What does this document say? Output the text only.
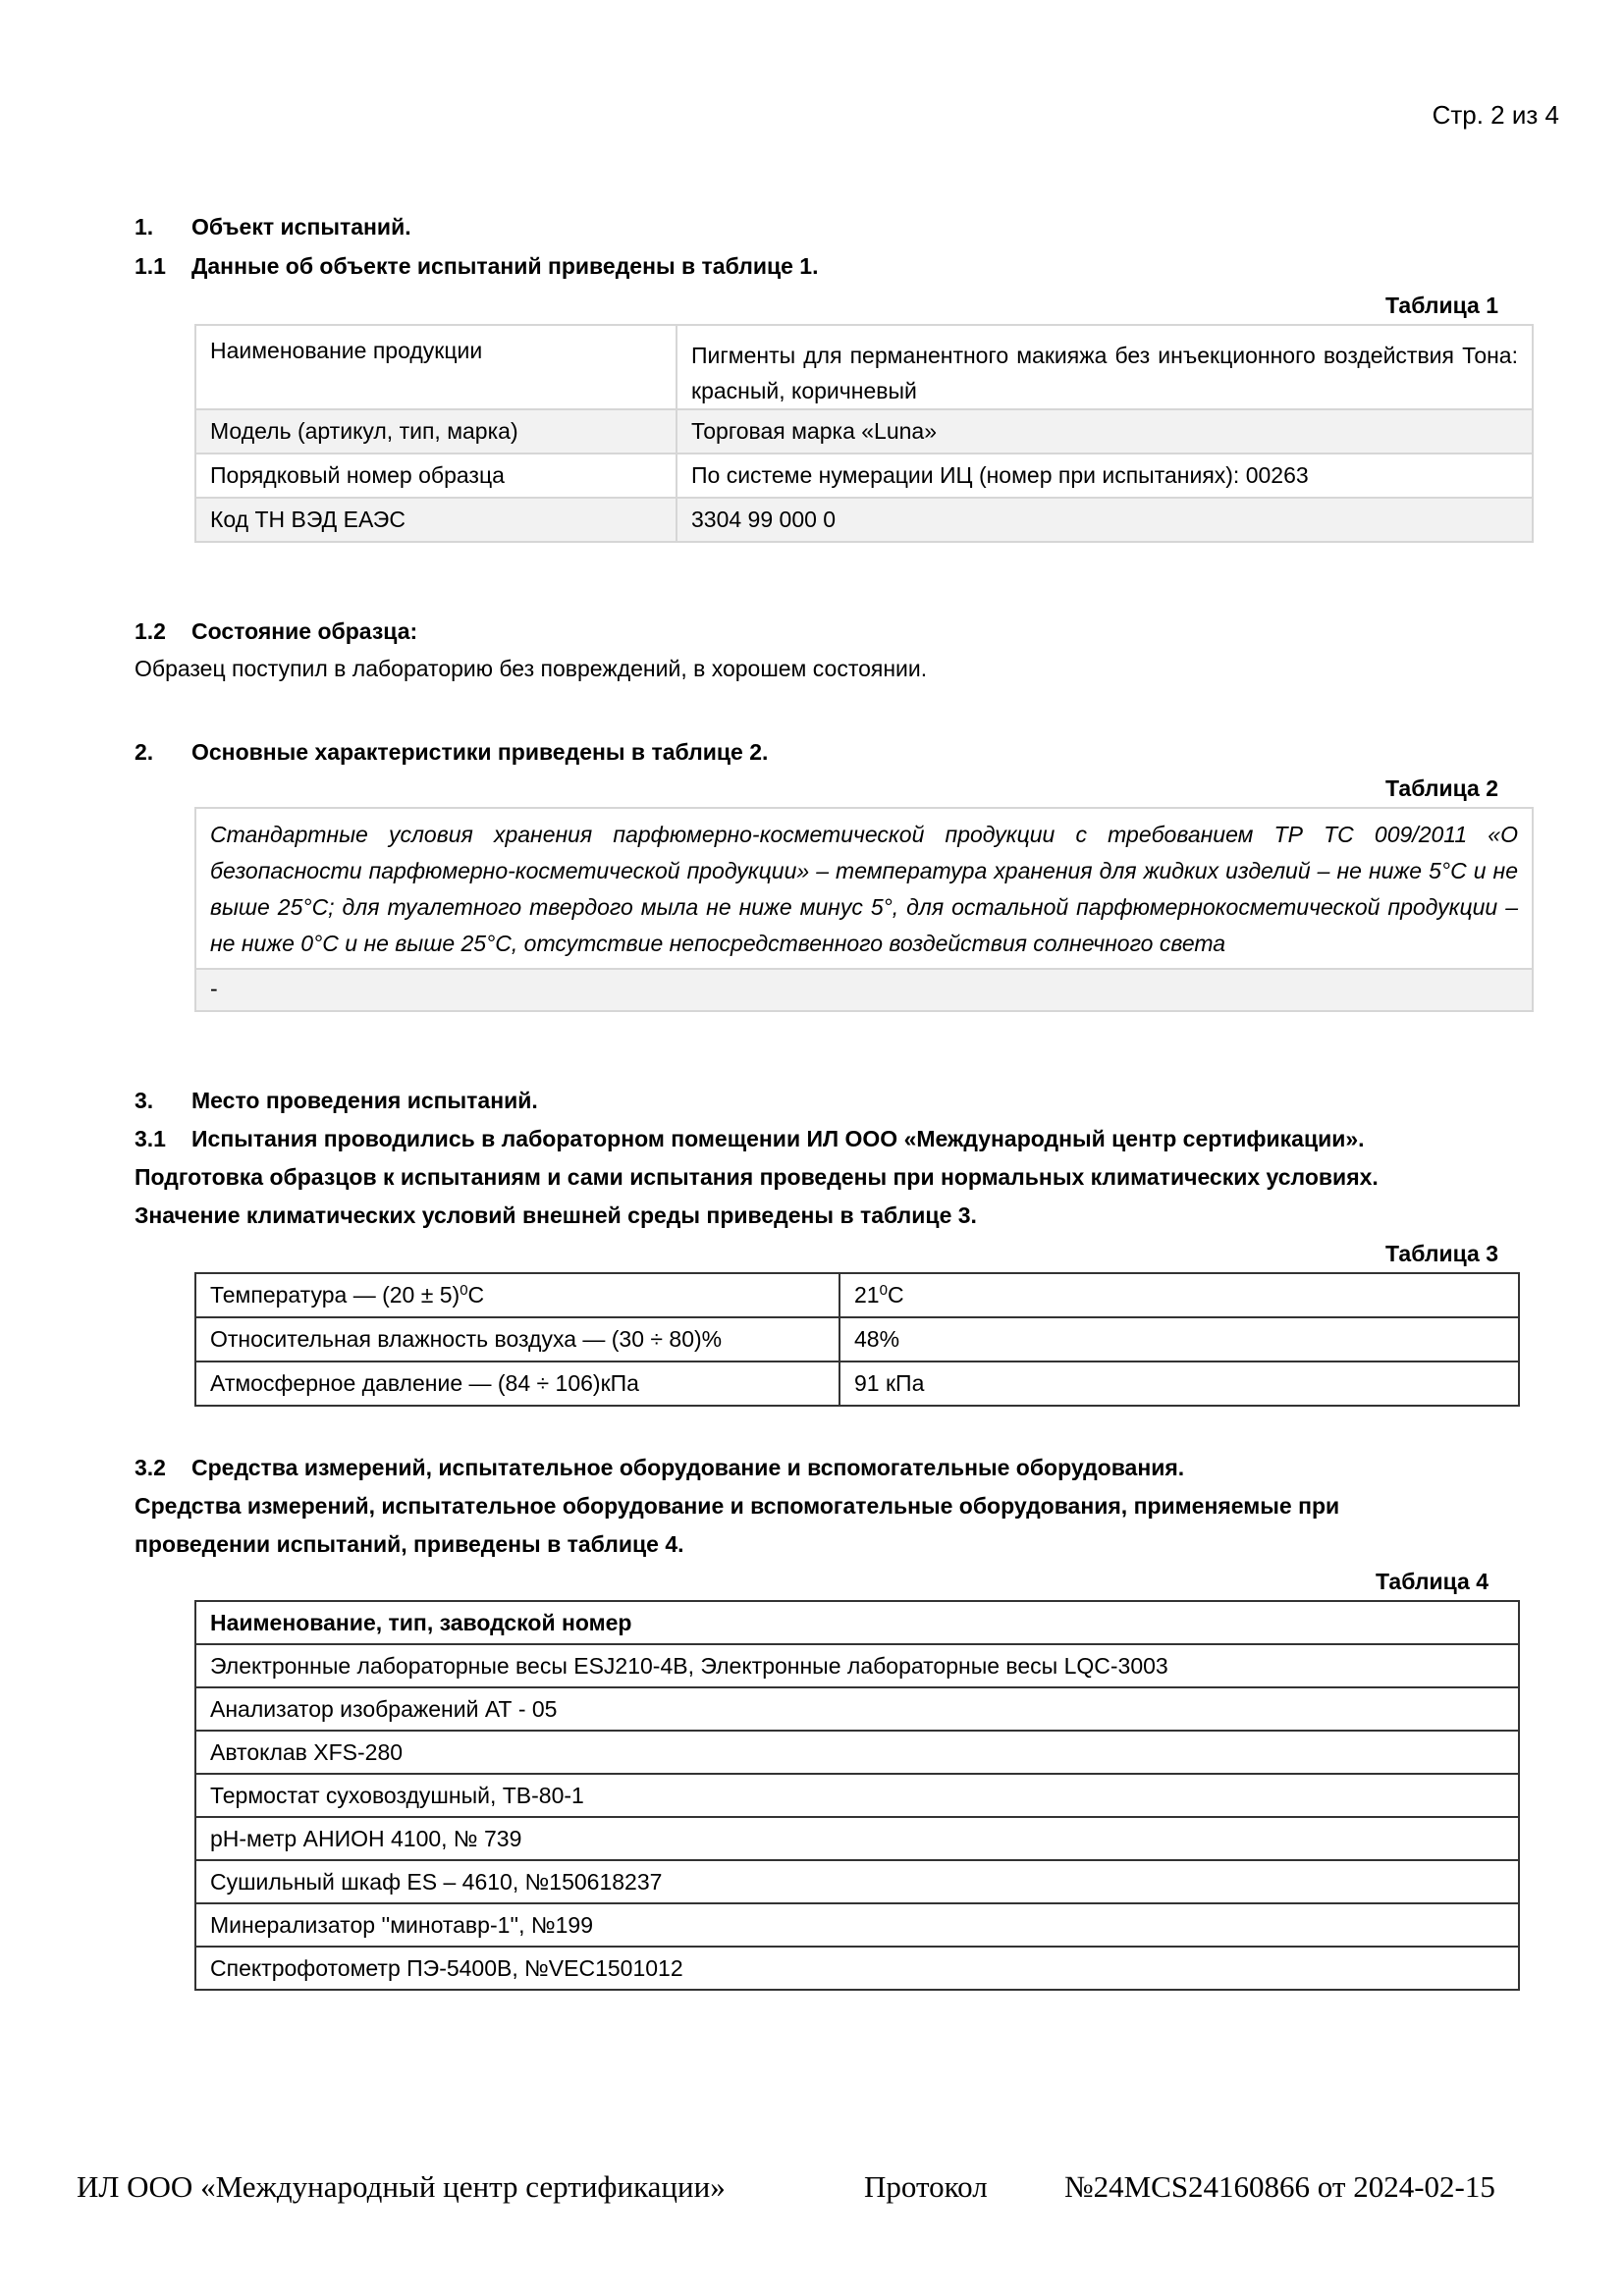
Стр. 2 из 4
1. Объект испытаний.
1.1 Данные об объекте испытаний приведены в таблице 1.
Таблица 1
Наименование продукции	Пигменты для перманентного макияжа без инъекционного воздействия Тона: красный, коричневый
Модель (артикул, тип, марка)	Торговая марка «Luna»
Порядковый номер образца	По системе нумерации ИЦ (номер при испытаниях): 00263
Код ТН ВЭД ЕАЭС	3304 99 000 0
1.2 Состояние образца:
Образец поступил в лабораторию без повреждений, в хорошем состоянии.
2. Основные характеристики приведены в таблице 2.
Таблица 2
Стандартные условия хранения парфюмерно-косметической продукции с требованием ТР ТС 009/2011 «О безопасности парфюмерно-косметической продукции» – температура хранения для жидких изделий – не ниже 5°С и не выше 25°С; для туалетного твердого мыла не ниже минус 5°, для остальной парфюмернокосметической продукции – не ниже 0°С и не выше 25°С, отсутствие непосредственного воздействия солнечного света
-
3. Место проведения испытаний.
3.1 Испытания проводились в лабораторном помещении ИЛ ООО «Международный центр сертификации».
Подготовка образцов к испытаниям и сами испытания проведены при нормальных климатических условиях.
Значение климатических условий внешней среды приведены в таблице 3.
Таблица 3
Температура — $(20 \pm 5)^0С$	$21^0С$
Относительная влажность воздуха — (30 ÷ 80)%	48%
Атмосферное давление — (84 ÷ 106)кПа	91 кПа
3.2 Средства измерений, испытательное оборудование и вспомогательные оборудования.
Средства измерений, испытательное оборудование и вспомогательные оборудования, применяемые при
проведении испытаний, приведены в таблице 4.
Таблица 4
Наименование, тип, заводской номер
Электронные лабораторные весы ESJ210-4B, Электронные лабораторные весы LQC-3003
Анализатор изображений АТ - 05
Автоклав XFS-280
Термостат суховоздушный, ТВ-80-1
pH-метр АНИОН 4100, № 739
Сушильный шкаф ES – 4610, №150618237
Минерализатор ''минотавр-1'', №199
Спектрофотометр ПЭ-5400В, №VEC1501012
ИЛ ООО «Международный центр сертификации»	Протокол	№24MCS24160866 от 2024-02-15
